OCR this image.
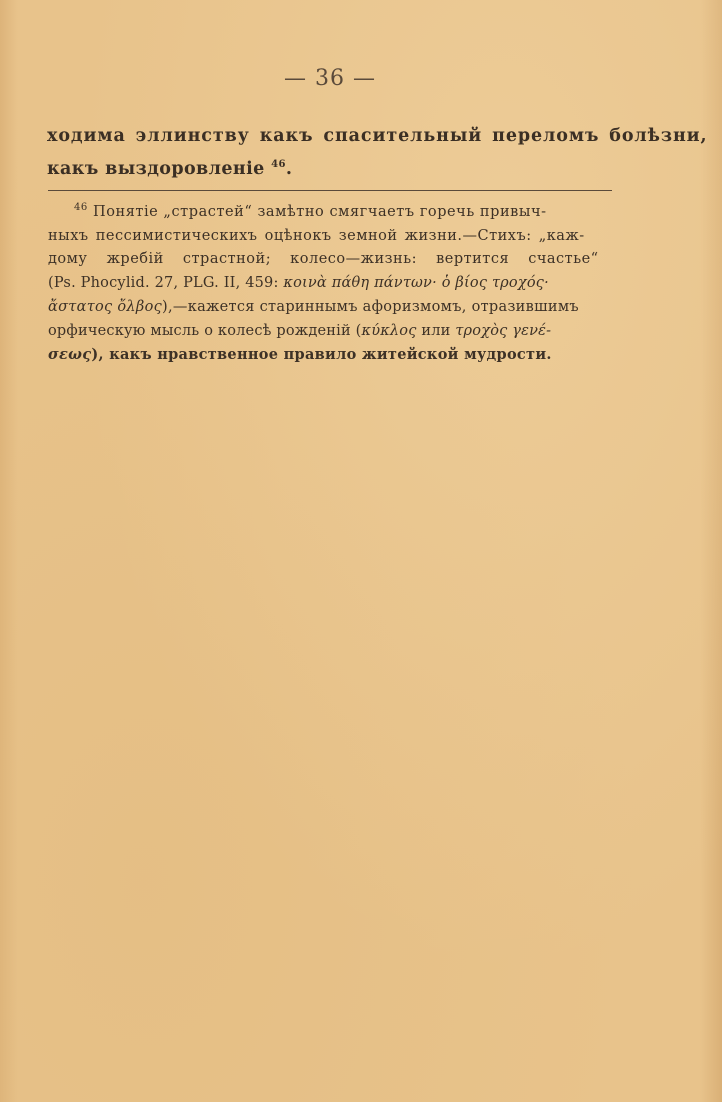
— 36 —
ходима эллинству какъ спасительный переломъ болѣзни,
какъ выздоровленіе $^{46}$.
$^{46}$ Понятіе „страстей“ замѣтно смягчаетъ горечь привыч-
ныхъ пессимистическихъ оцѣнокъ земной жизни.—Стихъ: „каж-
дому жребій страстной; колесо—жизнь: вертится счастье“
(Ps. Phocylid. 27, PLG. II, 459: κοινὰ πάθη πάντων· ὁ βίος τροχός·
ἄστατος ὄλβος),—кажется стариннымъ афоризмомъ, отразившимъ
орфическую мысль о колесѣ рожденій (κύκλος или τροχὸς γενέ-
σεως), какъ нравственное правило житейской мудрости.
